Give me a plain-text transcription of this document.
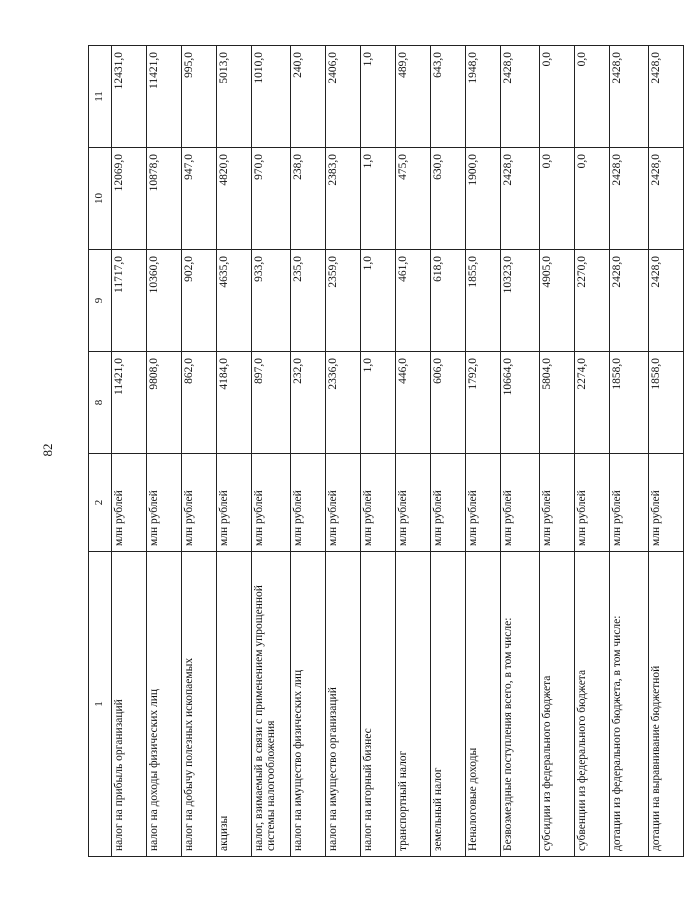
82
1	2	8	9	10	11
налог на прибыль организаций	млн рублей	11421,0	11717,0	12069,0	12431,0
налог на доходы физических лиц	млн рублей	9808,0	10360,0	10878,0	11421,0
налог на добычу полезных ископаемых	млн рублей	862,0	902,0	947,0	995,0
акцизы	млн рублей	4184,0	4635,0	4820,0	5013,0
налог, взимаемый в связи с применением упрощенной системы налогообложения	млн рублей	897,0	933,0	970,0	1010,0
налог на имущество физических лиц	млн рублей	232,0	235,0	238,0	240,0
налог на имущество организаций	млн рублей	2336,0	2359,0	2383,0	2406,0
налог на игорный бизнес	млн рублей	1,0	1,0	1,0	1,0
транспортный налог	млн рублей	446,0	461,0	475,0	489,0
земельный налог	млн рублей	606,0	618,0	630,0	643,0
Неналоговые доходы	млн рублей	1792,0	1855,0	1900,0	1948,0
Безвозмездные поступления всего, в том числе:	млн рублей	10664,0	10323,0	2428,0	2428,0
субсидии из федерального бюджета	млн рублей	5804,0	4905,0	0,0	0,0
субвенции из федерального бюджета	млн рублей	2274,0	2270,0	0,0	0,0
дотации из федерального бюджета, в том числе:	млн рублей	1858,0	2428,0	2428,0	2428,0
дотации на выравнивание бюджетной	млн рублей	1858,0	2428,0	2428,0	2428,0
